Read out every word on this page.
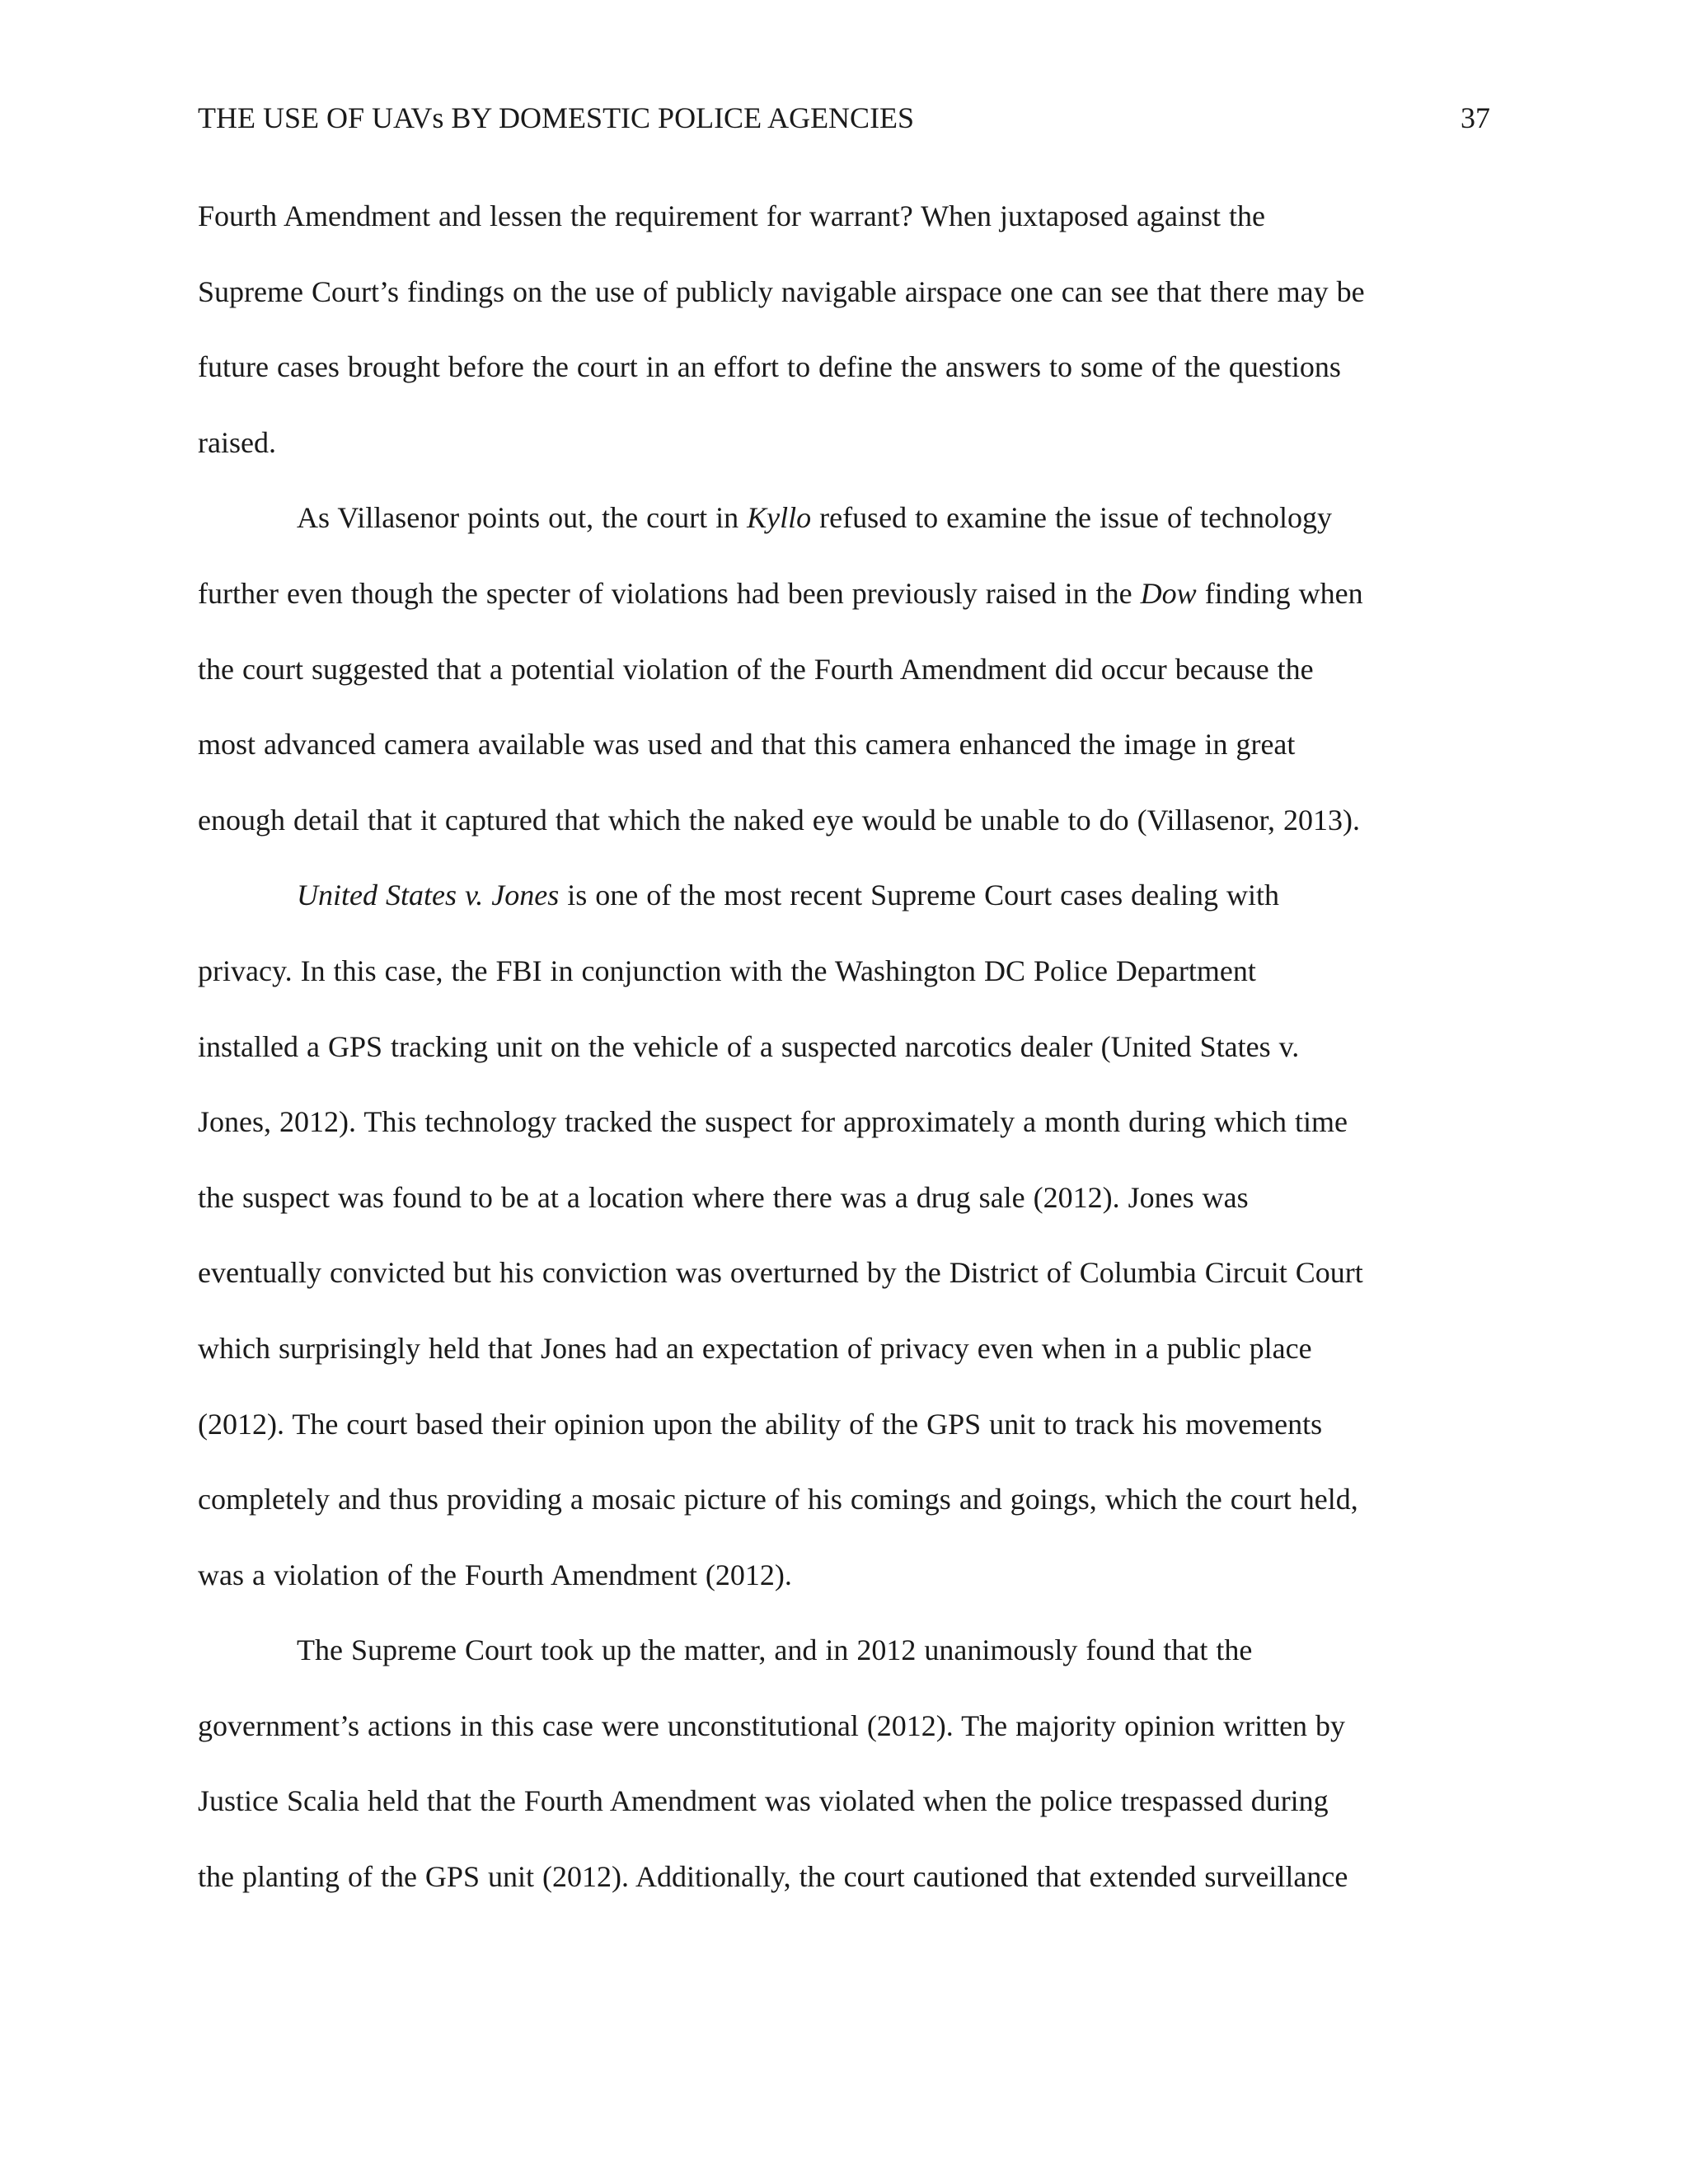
THE USE OF UAVs BY DOMESTIC POLICE AGENCIES	37
Fourth Amendment and lessen the requirement for warrant? When juxtaposed against the
Supreme Court’s findings on the use of publicly navigable airspace one can see that there may be
future cases brought before the court in an effort to define the answers to some of the questions
raised.
As Villasenor points out, the court in Kyllo refused to examine the issue of technology
further even though the specter of violations had been previously raised in the Dow finding when
the court suggested that a potential violation of the Fourth Amendment did occur because the
most advanced camera available was used and that this camera enhanced the image in great
enough detail that it captured that which the naked eye would be unable to do (Villasenor, 2013).
United States v. Jones is one of the most recent Supreme Court cases dealing with
privacy. In this case, the FBI in conjunction with the Washington DC Police Department
installed a GPS tracking unit on the vehicle of a suspected narcotics dealer (United States v.
Jones, 2012). This technology tracked the suspect for approximately a month during which time
the suspect was found to be at a location where there was a drug sale (2012). Jones was
eventually convicted but his conviction was overturned by the District of Columbia Circuit Court
which surprisingly held that Jones had an expectation of privacy even when in a public place
(2012). The court based their opinion upon the ability of the GPS unit to track his movements
completely and thus providing a mosaic picture of his comings and goings, which the court held,
was a violation of the Fourth Amendment (2012).
The Supreme Court took up the matter, and in 2012 unanimously found that the
government’s actions in this case were unconstitutional (2012). The majority opinion written by
Justice Scalia held that the Fourth Amendment was violated when the police trespassed during
the planting of the GPS unit (2012). Additionally, the court cautioned that extended surveillance
